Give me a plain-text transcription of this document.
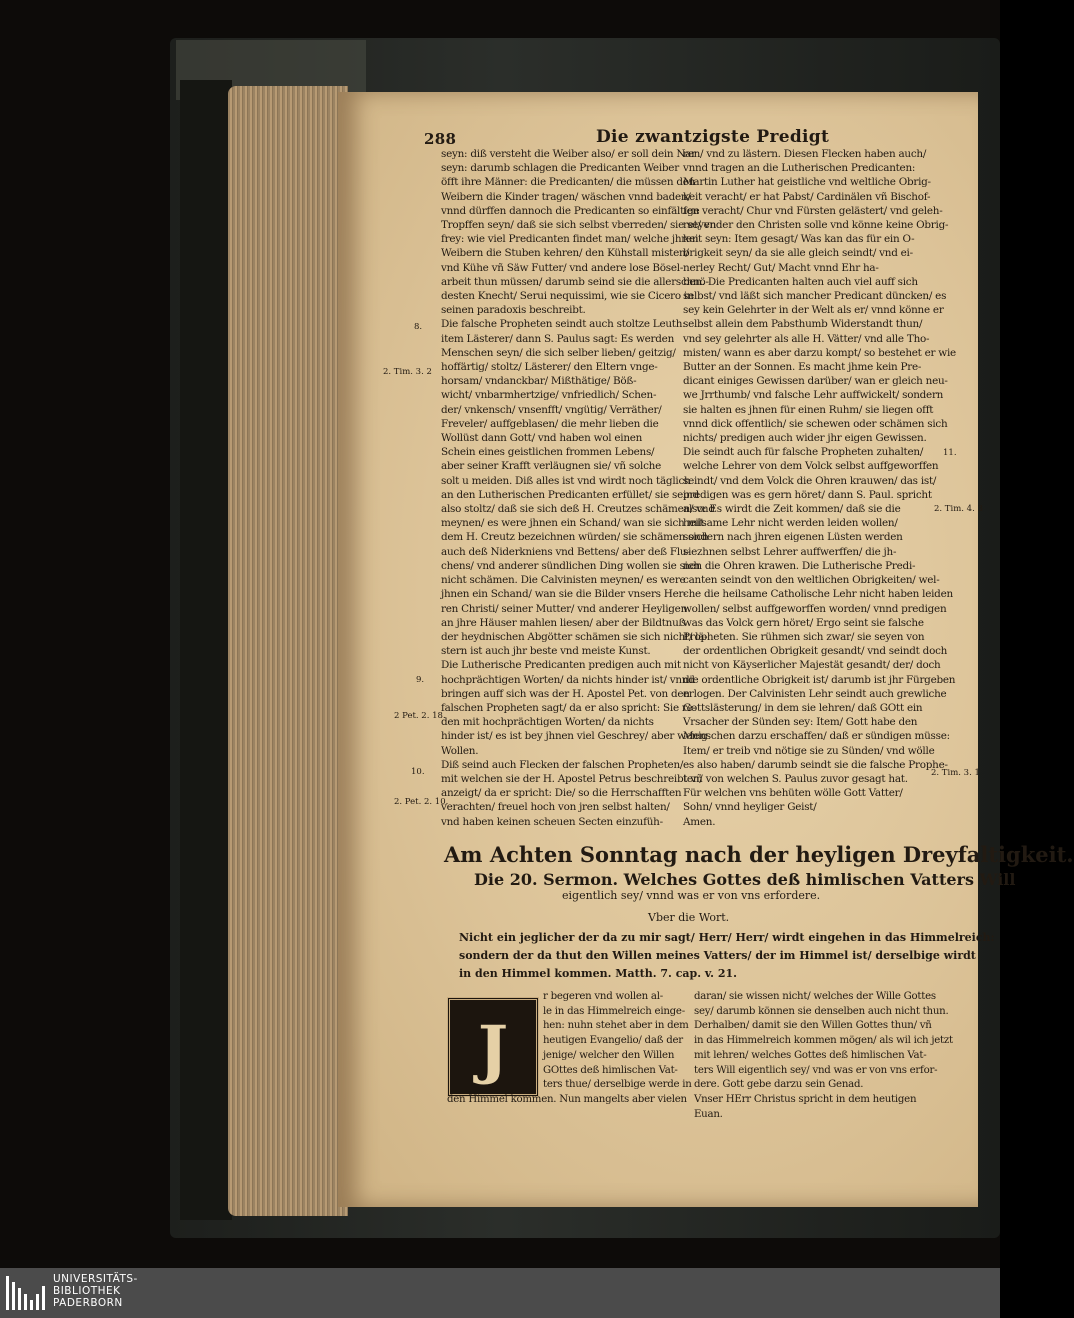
288	Die zwantzigste Predigt
seyn: diß versteht die Weiber also/ er soll dein Nar
seyn: darumb schlagen die Predicanten Weiber
öfft ihre Männer: die Predicanten/ die müssen den
Weibern die Kinder tragen/ wäschen vnnd baden/
vnnd dürffen dannoch die Predicanten so einfältige
Tropffen seyn/ daß sie sich selbst vberreden/ sie seyen
frey: wie viel Predicanten findet man/ welche jhren
Weibern die Stuben kehren/ den Kühstall misten/
vnd Kühe vñ Säw Futter/ vnd andere lose Bösel-
arbeit thun müssen/ darumb seind sie die allerschnö-
desten Knecht/ Serui nequissimi, wie sie Cicero in
seinen paradoxis beschreibt.
Die falsche Propheten seindt auch stoltze Leuth:
item Lästerer/ dann S. Paulus sagt: Es werden
Menschen seyn/ die sich selber lieben/ geitzig/
hoffärtig/ stoltz/ Lästerer/ den Eltern vnge-
horsam/ vndanckbar/ Mißthätige/ Böß-
wicht/ vnbarmhertzige/ vnfriedlich/ Schen-
der/ vnkensch/ vnsenfft/ vngütig/ Verräther/
Freveler/ auffgeblasen/ die mehr lieben die
Wollüst dann Gott/ vnd haben wol einen
Schein eines geistlichen frommen Lebens/
aber seiner Krafft verläugnen sie/ vñ solche
solt u meiden. Diß alles ist vnd wirdt noch täglich
an den Lutherischen Predicanten erfüllet/ sie seind
also stoltz/ daß sie sich deß H. Creutzes schämen/ vnd
meynen/ es were jhnen ein Schand/ wan sie sich mit
dem H. Creutz bezeichnen würden/ sie schämen sich
auch deß Niderkniens vnd Bettens/ aber deß Flu-
chens/ vnd anderer sündlichen Ding wollen sie sich
nicht schämen. Die Calvinisten meynen/ es were
jhnen ein Schand/ wan sie die Bilder vnsers Her-
ren Christi/ seiner Mutter/ vnd anderer Heyligen
an jhre Häuser mahlen liesen/ aber der Bildtnuß
der heydnischen Abgötter schämen sie sich nicht/ lä-
stern ist auch jhr beste vnd meiste Kunst.
Die Lutherische Predicanten predigen auch mit
hochprächtigen Worten/ da nichts hinder ist/ vnnd
bringen auff sich was der H. Apostel Pet. von den
falschen Propheten sagt/ da er also spricht: Sie re-
den mit hochprächtigen Worten/ da nichts
hinder ist/ es ist bey jhnen viel Geschrey/ aber wenig
Wollen.
Diß seind auch Flecken der falschen Propheten/
mit welchen sie der H. Apostel Petrus beschreibt vñ
anzeigt/ da er spricht: Die/ so die Herrschafften
verachten/ freuel hoch von jren selbst halten/
vnd haben keinen scheuen Secten einzufüh-
ren/ vnd zu lästern. Diesen Flecken haben auch/
vnnd tragen an die Lutherischen Predicanten:
Martin Luther hat geistliche vnd weltliche Obrig-
keit veracht/ er hat Pabst/ Cardinälen vñ Bischof-
fen veracht/ Chur vnd Fürsten gelästert/ vnd geleh-
ret/ vnder den Christen solle vnd könne keine Obrig-
keit seyn: Item gesagt/ Was kan das für ein O-
brigkeit seyn/ da sie alle gleich seindt/ vnd ei-
nerley Recht/ Gut/ Macht vnnd Ehr ha-
ben. Die Predicanten halten auch viel auff sich
selbst/ vnd läßt sich mancher Predicant düncken/ es
sey kein Gelehrter in der Welt als er/ vnnd könne er
selbst allein dem Pabsthumb Widerstandt thun/
vnd sey gelehrter als alle H. Vätter/ vnd alle Tho-
misten/ wann es aber darzu kompt/ so bestehet er wie
Butter an der Sonnen. Es macht jhme kein Pre-
dicant einiges Gewissen darüber/ wan er gleich neu-
we Jrrthumb/ vnd falsche Lehr auffwickelt/ sondern
sie halten es jhnen für einen Ruhm/ sie liegen offt
vnnd dick offentlich/ sie schewen oder schämen sich
nichts/ predigen auch wider jhr eigen Gewissen.
Die seindt auch für falsche Propheten zuhalten/
welche Lehrer von dem Volck selbst auffgeworffen
seindt/ vnd dem Volck die Ohren krauwen/ das ist/
predigen was es gern höret/ dann S. Paul. spricht
also: Es wirdt die Zeit kommen/ daß sie die
heilsame Lehr nicht werden leiden wollen/
sondern nach jhren eigenen Lüsten werden
siezhnen selbst Lehrer auffwerffen/ die jh-
nen die Ohren krawen. Die Lutherische Predi-
canten seindt von den weltlichen Obrigkeiten/ wel-
che die heilsame Catholische Lehr nicht haben leiden
wollen/ selbst auffgeworffen worden/ vnnd predigen
was das Volck gern höret/ Ergo seint sie falsche
Propheten. Sie rühmen sich zwar/ sie seyen von
der ordentlichen Obrigkeit gesandt/ vnd seindt doch
nicht von Käyserlicher Majestät gesandt/ der/ doch
die ordentliche Obrigkeit ist/ darumb ist jhr Fürgeben
erlogen. Der Calvinisten Lehr seindt auch grewliche
Gottslästerung/ in dem sie lehren/ daß GOtt ein
Vrsacher der Sünden sey: Item/ Gott habe den
Menschen darzu erschaffen/ daß er sündigen müsse:
Item/ er treib vnd nötige sie zu Sünden/ vnd wölle
es also haben/ darumb seindt sie die falsche Prophe-
ten/ von welchen S. Paulus zuvor gesagt hat.
Für welchen vns behüten wölle Gott Vatter/
Sohn/ vnnd heyliger Geist/
Amen.
8.
2. Tim. 3. 2
9.
2 Pet. 2. 18.
10.
2. Pet. 2. 10.
11.
2. Tim. 4. 3
2. Tim. 3. 1
Am Achten Sonntag nach der heyligen Dreyfaltigkeit.
Die 20. Sermon. Welches Gottes deß himlischen Vatters Will
eigentlich sey/ vnnd was er von vns erfordere.
Vber die Wort.
Nicht ein jeglicher der da zu mir sagt/ Herr/ Herr/ wirdt eingehen in das Himmelreich:
sondern der da thut den Willen meines Vatters/ der im Himmel ist/ derselbige wirdt
in den Himmel kommen. Matth. 7. cap. v. 21.
J
r begeren vnd wollen al-
le in das Himmelreich einge-
hen: nuhn stehet aber in dem
heutigen Evangelio/ daß der
jenige/ welcher den Willen
GOttes deß himlischen Vat-
ters thue/ derselbige werde in
den Himmel kommen. Nun mangelts aber vielen
daran/ sie wissen nicht/ welches der Wille Gottes
sey/ darumb können sie denselben auch nicht thun.
Derhalben/ damit sie den Willen Gottes thun/ vñ
in das Himmelreich kommen mögen/ als wil ich jetzt
mit lehren/ welches Gottes deß himlischen Vat-
ters Will eigentlich sey/ vnd was er von vns erfor-
dere. Gott gebe darzu sein Genad.
Vnser HErr Christus spricht in dem heutigen
Euan.
UNIVERSITÄTS-
BIBLIOTHEK
PADERBORN
